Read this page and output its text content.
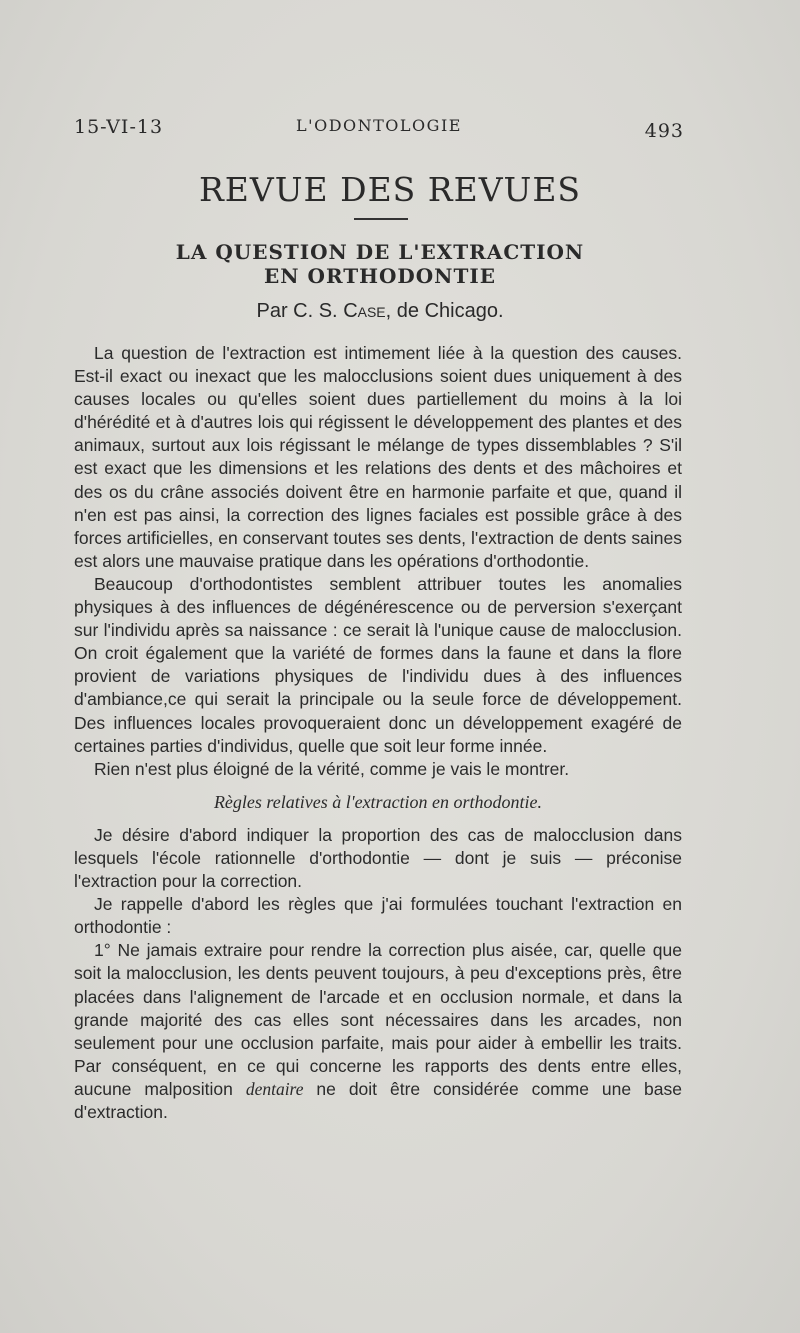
15-VI-13	L'ODONTOLOGIE	493
REVUE DES REVUES
LA QUESTION DE L'EXTRACTION
EN ORTHODONTIE
Par C. S. Case, de Chicago.

La question de l'extraction est intimement liée à la question des causes. Est-il exact ou inexact que les malocclusions soient dues uniquement à des causes locales ou qu'elles soient dues partiellement du moins à la loi d'hérédité et à d'autres lois qui régissent le développement des plantes et des animaux, surtout aux lois régissant le mélange de types dissemblables ? S'il est exact que les dimensions et les relations des dents et des mâchoires et des os du crâne associés doivent être en harmonie parfaite et que, quand il n'en est pas ainsi, la correction des lignes faciales est possible grâce à des forces artificielles, en conservant toutes ses dents, l'extraction de dents saines est alors une mauvaise pratique dans les opérations d'orthodontie.

Beaucoup d'orthodontistes semblent attribuer toutes les anomalies physiques à des influences de dégénérescence ou de perversion s'exerçant sur l'individu après sa naissance : ce serait là l'unique cause de malocclusion. On croit également que la variété de formes dans la faune et dans la flore provient de variations physiques de l'individu dues à des influences d'ambiance,ce qui serait la principale ou la seule force de développement. Des influences locales provoqueraient donc un développement exagéré de certaines parties d'individus, quelle que soit leur forme innée.

Rien n'est plus éloigné de la vérité, comme je vais le montrer.

Règles relatives à l'extraction en orthodontie.

Je désire d'abord indiquer la proportion des cas de malocclusion dans lesquels l'école rationnelle d'orthodontie — dont je suis — préconise l'extraction pour la correction.

Je rappelle d'abord les règles que j'ai formulées touchant l'extraction en orthodontie :

1° Ne jamais extraire pour rendre la correction plus aisée, car, quelle que soit la malocclusion, les dents peuvent toujours, à peu d'exceptions près, être placées dans l'alignement de l'arcade et en occlusion normale, et dans la grande majorité des cas elles sont nécessaires dans les arcades, non seulement pour une occlusion parfaite, mais pour aider à embellir les traits. Par conséquent, en ce qui concerne les rapports des dents entre elles, aucune malposition dentaire ne doit être considérée comme une base d'extraction.
